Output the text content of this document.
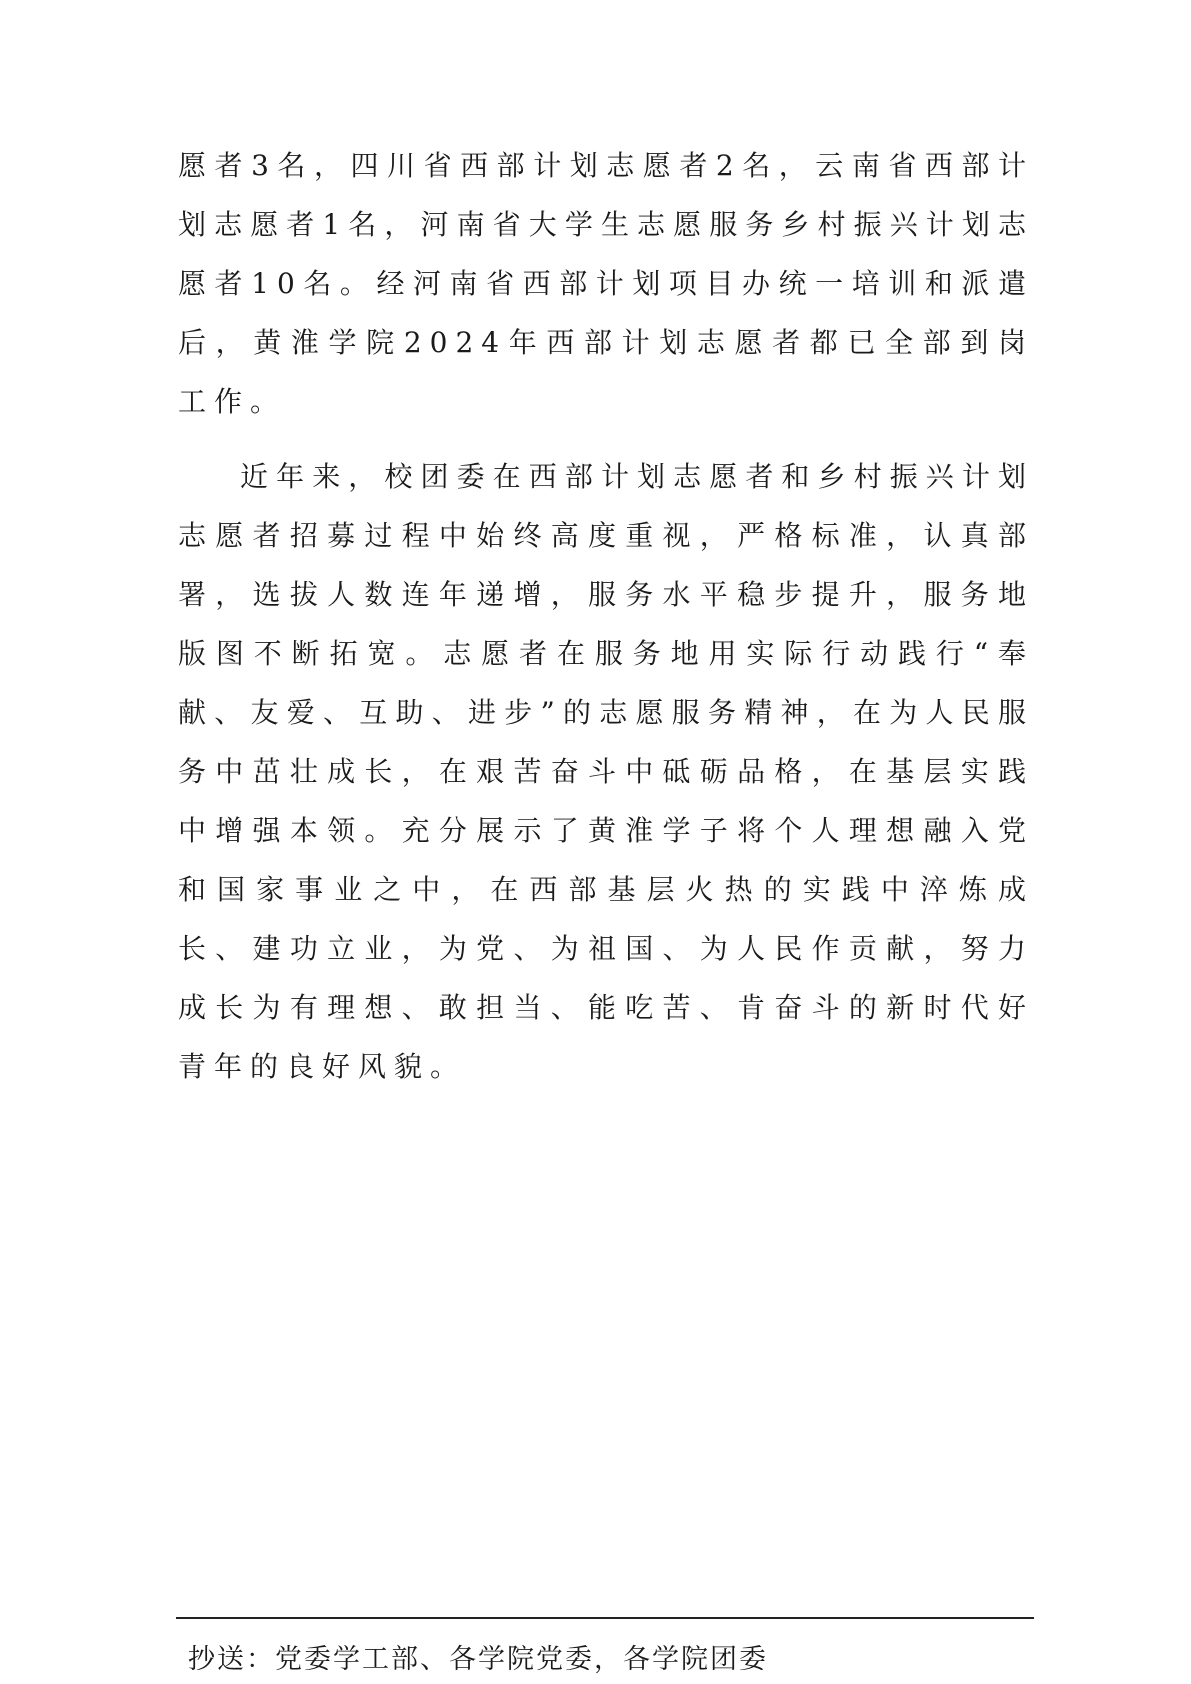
愿者3名，四川省西部计划志愿者2名，云南省西部计划志愿者1名，河南省大学生志愿服务乡村振兴计划志愿者10名。经河南省西部计划项目办统一培训和派遣后，黄淮学院2024年西部计划志愿者都已全部到岗工作。

近年来，校团委在西部计划志愿者和乡村振兴计划志愿者招募过程中始终高度重视，严格标准，认真部署，选拔人数连年递增，服务水平稳步提升，服务地版图不断拓宽。志愿者在服务地用实际行动践行“奉献、友爱、互助、进步”的志愿服务精神，在为人民服务中茁壮成长，在艰苦奋斗中砥砺品格，在基层实践中增强本领。充分展示了黄淮学子将个人理想融入党和国家事业之中，在西部基层火热的实践中淬炼成长、建功立业，为党、为祖国、为人民作贡献，努力成长为有理想、敢担当、能吃苦、肯奋斗的新时代好青年的良好风貌。

抄送：党委学工部、各学院党委，各学院团委
